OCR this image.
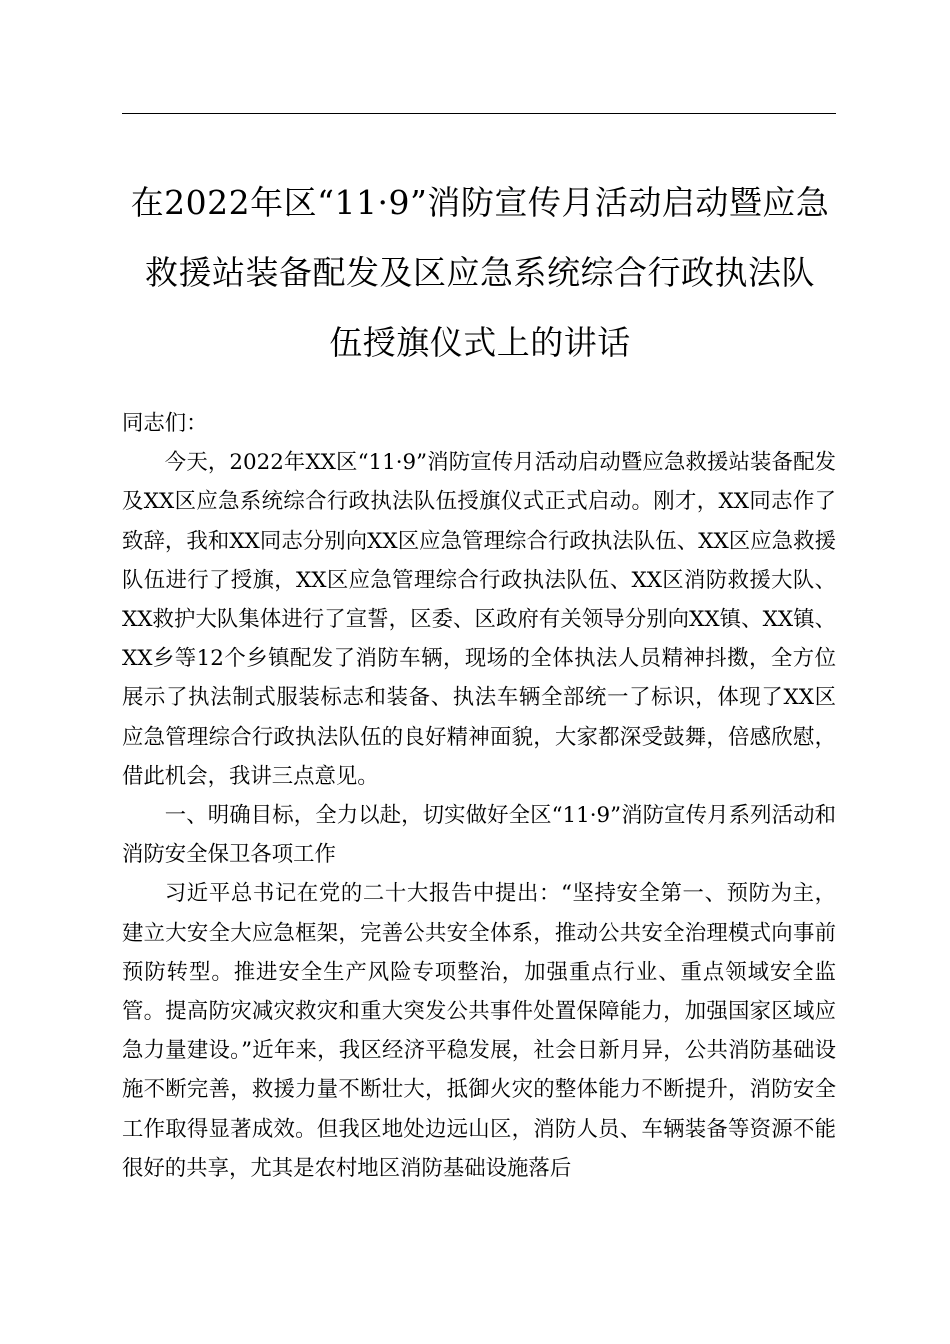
在2022年区“11·9”消防宣传月活动启动暨应急
救援站装备配发及区应急系统综合行政执法队
伍授旗仪式上的讲话

同志们：

今天，2022年XX区“11·9”消防宣传月活动启动暨应急救援站装备配发及XX区应急系统综合行政执法队伍授旗仪式正式启动。刚才，XX同志作了致辞，我和XX同志分别向XX区应急管理综合行政执法队伍、XX区应急救援队伍进行了授旗，XX区应急管理综合行政执法队伍、XX区消防救援大队、XX救护大队集体进行了宣誓，区委、区政府有关领导分别向XX镇、XX镇、XX乡等12个乡镇配发了消防车辆，现场的全体执法人员精神抖擞，全方位展示了执法制式服装标志和装备、执法车辆全部统一了标识，体现了XX区应急管理综合行政执法队伍的良好精神面貌，大家都深受鼓舞，倍感欣慰，借此机会，我讲三点意见。

一、明确目标，全力以赴，切实做好全区“11·9”消防宣传月系列活动和消防安全保卫各项工作

习近平总书记在党的二十大报告中提出：“坚持安全第一、预防为主，建立大安全大应急框架，完善公共安全体系，推动公共安全治理模式向事前预防转型。推进安全生产风险专项整治，加强重点行业、重点领域安全监管。提高防灾减灾救灾和重大突发公共事件处置保障能力，加强国家区域应急力量建设。”近年来，我区经济平稳发展，社会日新月异，公共消防基础设施不断完善，救援力量不断壮大，抵御火灾的整体能力不断提升，消防安全工作取得显著成效。但我区地处边远山区，消防人员、车辆装备等资源不能很好的共享，尤其是农村地区消防基础设施落后
